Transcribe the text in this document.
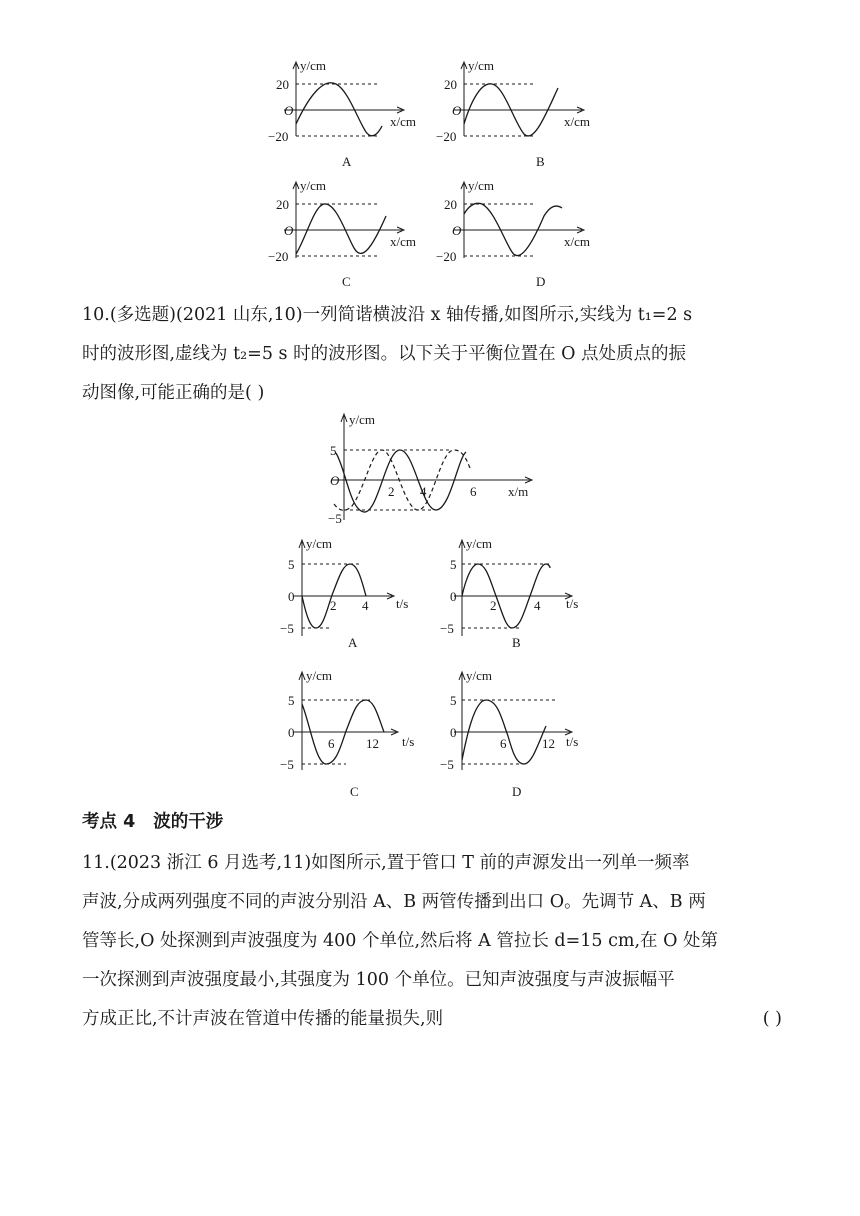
y/cm
x/cm
20
O
−20
A
y/cm
x/cm
20
O
−20
B
y/cm
x/cm
20
O
−20
C
y/cm
x/cm
20
O
−20
D
10.(多选题)(2021 山东,10)一列简谐横波沿 x 轴传播,如图所示,实线为 t₁=2 s
时的波形图,虚线为 t₂=5 s 时的波形图。以下关于平衡位置在 O 点处质点的振
动图像,可能正确的是( )
y/cm
x/m
5
O
−5
2 4	6
y/cm
t/s
5
0
−5
2 4
A
y/cm
t/s
5
0
−5
2	4
B
y/cm
t/s
5
0
−5
6 12
C
y/cm
t/s
5
0
−5
6	12
D
考点 4 波的干涉
11.(2023 浙江 6 月选考,11)如图所示,置于管口 T 前的声源发出一列单一频率
声波,分成两列强度不同的声波分别沿 A、B 两管传播到出口 O。先调节 A、B 两
管等长,O 处探测到声波强度为 400 个单位,然后将 A 管拉长 d=15 cm,在 O 处第
一次探测到声波强度最小,其强度为 100 个单位。已知声波强度与声波振幅平
方成正比,不计声波在管道中传播的能量损失,则	( )
